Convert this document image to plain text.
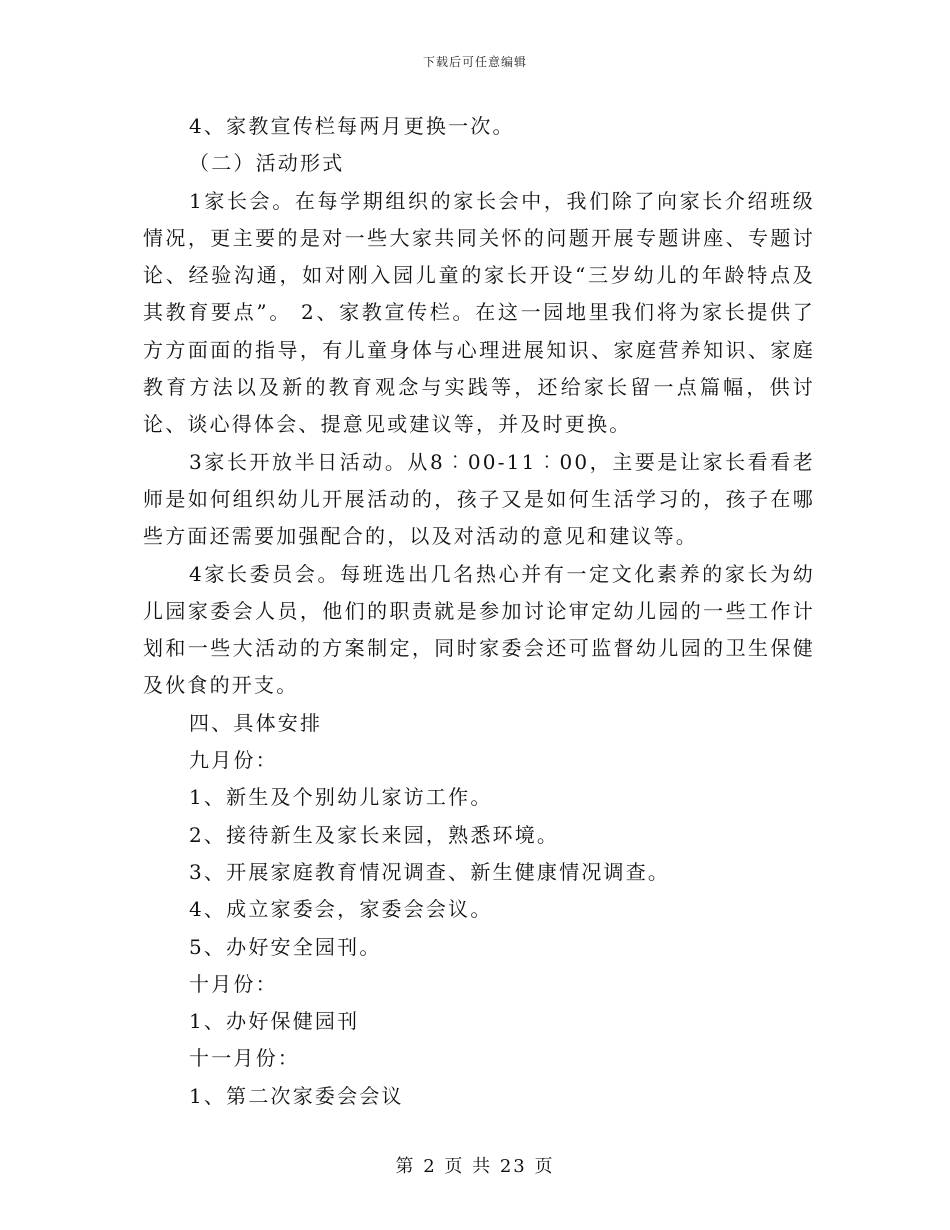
下载后可任意编辑

4、家教宣传栏每两月更换一次。

（二）活动形式

1家长会。在每学期组织的家长会中，我们除了向家长介绍班级情况，更主要的是对一些大家共同关怀的问题开展专题讲座、专题讨论、经验沟通，如对刚入园儿童的家长开设“三岁幼儿的年龄特点及其教育要点”。 2、家教宣传栏。在这一园地里我们将为家长提供了方方面面的指导，有儿童身体与心理进展知识、家庭营养知识、家庭教育方法以及新的教育观念与实践等，还给家长留一点篇幅，供讨论、谈心得体会、提意见或建议等，并及时更换。

3家长开放半日活动。从8︰00-11︰00，主要是让家长看看老师是如何组织幼儿开展活动的，孩子又是如何生活学习的，孩子在哪些方面还需要加强配合的，以及对活动的意见和建议等。

4家长委员会。每班选出几名热心并有一定文化素养的家长为幼儿园家委会人员，他们的职责就是参加讨论审定幼儿园的一些工作计划和一些大活动的方案制定，同时家委会还可监督幼儿园的卫生保健及伙食的开支。

四、具体安排

九月份：

1、新生及个别幼儿家访工作。

2、接待新生及家长来园，熟悉环境。

3、开展家庭教育情况调查、新生健康情况调查。

4、成立家委会，家委会会议。

5、办好安全园刊。

十月份：

1、办好保健园刊

十一月份：

1、第二次家委会会议

第 2 页 共 23 页
